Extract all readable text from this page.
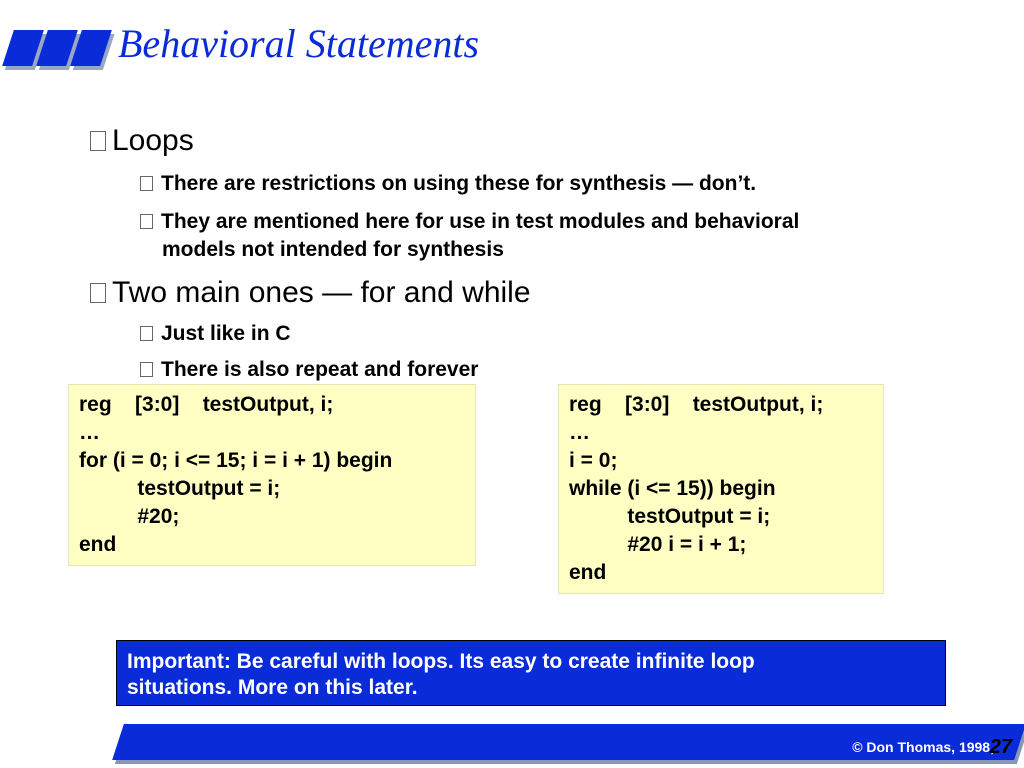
Behavioral Statements

Loops

There are restrictions on using these for synthesis — don’t.

They are mentioned here for use in test modules and behavioral
models not intended for synthesis

Two main ones — for and while

Just like in C

There is also repeat and forever

reg    [3:0]    testOutput, i;
…
for (i = 0; i <= 15; i = i + 1) begin
testOutput = i;
#20;
end
reg    [3:0]    testOutput, i;
…
i = 0;
while (i <= 15)) begin
testOutput = i;
#20 i = i + 1;
end
Important: Be careful with loops. Its easy to create infinite loop
situations. More on this later.
© Don Thomas, 1998,
27
